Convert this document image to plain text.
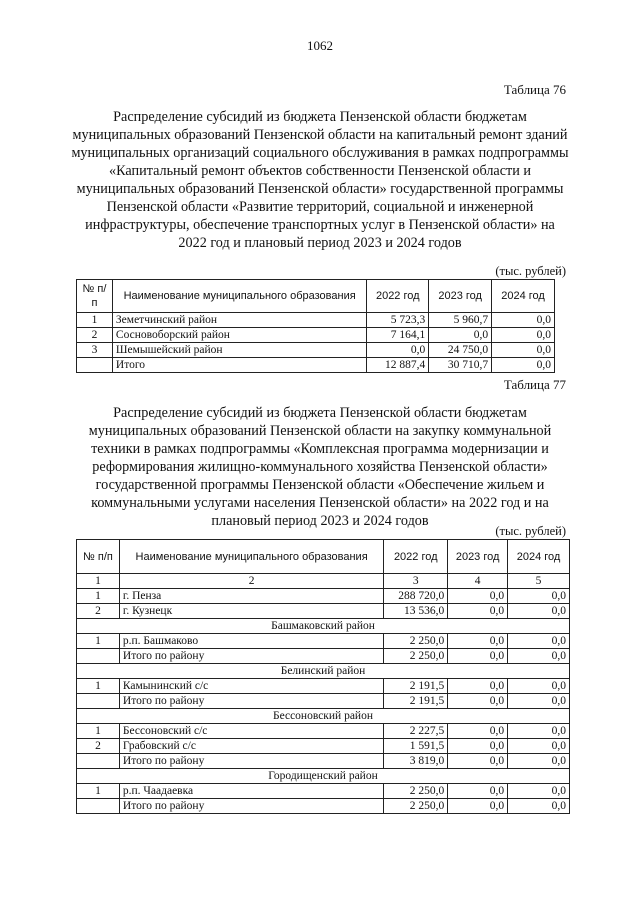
1062
Таблица 76
Распределение субсидий из бюджета Пензенской области бюджетам муниципальных образований Пензенской области на капитальный ремонт зданий муниципальных организаций социального обслуживания в рамках подпрограммы «Капитальный ремонт объектов собственности Пензенской области и муниципальных образований Пензенской области» государственной программы Пензенской области «Развитие территорий, социальной и инженерной инфраструктуры, обеспечение транспортных услуг в Пензенской области» на 2022 год и плановый период 2023 и 2024 годов
(тыс. рублей)
№ п/п	Наименование муниципального образования	2022 год	2023 год	2024 год
1	Земетчинский район	5 723,3	5 960,7	0,0
2	Сосновоборский район	7 164,1	0,0	0,0
3	Шемышейский район	0,0	24 750,0	0,0
	Итого	12 887,4	30 710,7	0,0
Таблица 77
Распределение субсидий из бюджета Пензенской области бюджетам муниципальных образований Пензенской области на закупку коммунальной техники в рамках подпрограммы «Комплексная программа модернизации и реформирования жилищно-коммунального хозяйства Пензенской области» государственной программы Пензенской области «Обеспечение жильем и коммунальными услугами населения Пензенской области» на 2022 год и на плановый период 2023 и 2024 годов
(тыс. рублей)
№ п/п	Наименование муниципального образования	2022 год	2023 год	2024 год
1	2	3	4	5
1	г. Пенза	288 720,0	0,0	0,0
2	г. Кузнецк	13 536,0	0,0	0,0
Башмаковский район				
1	р.п. Башмаково	2 250,0	0,0	0,0
	Итого по району	2 250,0	0,0	0,0
Белинский район				
1	Камынинский с/с	2 191,5	0,0	0,0
	Итого по району	2 191,5	0,0	0,0
Бессоновский район				
1	Бессоновский с/с	2 227,5	0,0	0,0
2	Грабовский с/с	1 591,5	0,0	0,0
	Итого по району	3 819,0	0,0	0,0
Городищенский район				
1	р.п. Чаадаевка	2 250,0	0,0	0,0
	Итого по району	2 250,0	0,0	0,0
